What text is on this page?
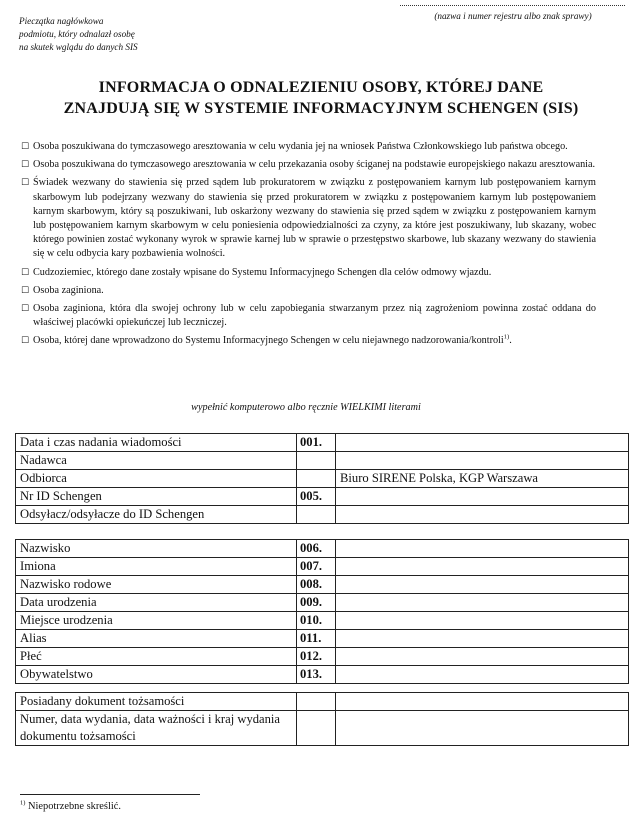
Pieczątka nagłówkowa
podmiotu, który odnalazł osobę
na skutek wglądu do danych SIS
(nazwa i numer rejestru albo znak sprawy)
INFORMACJA O ODNALEZIENIU OSOBY, KTÓREJ DANE
ZNAJDUJĄ SIĘ W SYSTEMIE INFORMACYJNYM SCHENGEN (SIS)
☐ Osoba poszukiwana do tymczasowego aresztowania w celu wydania jej na wniosek Państwa Członkowskiego lub państwa obcego.
☐ Osoba poszukiwana do tymczasowego aresztowania w celu przekazania osoby ściganej na podstawie europejskiego nakazu aresztowania.
☐ Świadek wezwany do stawienia się przed sądem lub prokuratorem w związku z postępowaniem karnym lub postępowaniem karnym skarbowym lub podejrzany wezwany do stawienia się przed prokuratorem w związku z postępowaniem karnym lub postępowaniem karnym skarbowym, który są poszukiwani, lub oskarżony wezwany do stawienia się przed sądem w związku z postępowaniem karnym lub postępowaniem karnym skarbowym w celu poniesienia odpowiedzialności za czyny, za które jest poszukiwany, lub skazany, wobec którego powinien zostać wykonany wyrok w sprawie karnej lub w sprawie o przestępstwo skarbowe, lub skazany wezwany do stawienia się w celu odbycia kary pozbawienia wolności.
☐ Cudzoziemiec, którego dane zostały wpisane do Systemu Informacyjnego Schengen dla celów odmowy wjazdu.
☐ Osoba zaginiona.
☐ Osoba zaginiona, która dla swojej ochrony lub w celu zapobiegania stwarzanym przez nią zagrożeniom powinna zostać oddana do właściwej placówki opiekuńczej lub leczniczej.
☐ Osoba, której dane wprowadzono do Systemu Informacyjnego Schengen w celu niejawnego nadzorowania/kontroli$^{1)}$.
wypełnić komputerowo albo ręcznie WIELKIMI literami
Data i czas nadania wiadomości	001.	
Nadawca		
Odbiorca		Biuro SIRENE Polska, KGP Warszawa
Nr ID Schengen	005.	
Odsyłacz/odsyłacze do ID Schengen		
Nazwisko	006.	
Imiona	007.	
Nazwisko rodowe	008.	
Data urodzenia	009.	
Miejsce urodzenia	010.	
Alias	011.	
Płeć	012.	
Obywatelstwo	013.	
Posiadany dokument tożsamości		
Numer, data wydania, data ważności i kraj wydania dokumentu tożsamości		
$^{1)}$ Niepotrzebne skreślić.
